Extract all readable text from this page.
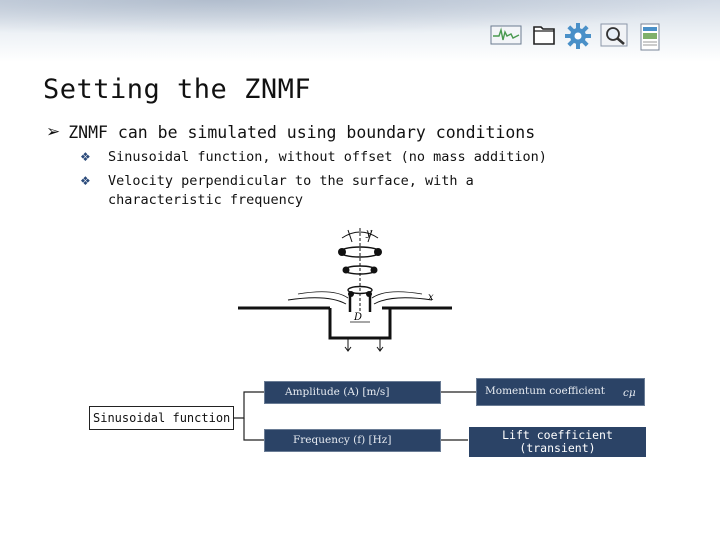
Setting the ZNMF
➢ ZNMF can be simulated using boundary conditions
❖ Sinusoidal function, without offset (no mass addition)
❖ Velocity perpendicular to the surface, with a characteristic frequency
y
x
D
Sinusoidal function
Amplitude (A) [m/s]
Frequency (f) [Hz]
Momentum coefficient cμ
Lift coefficient (transient)
